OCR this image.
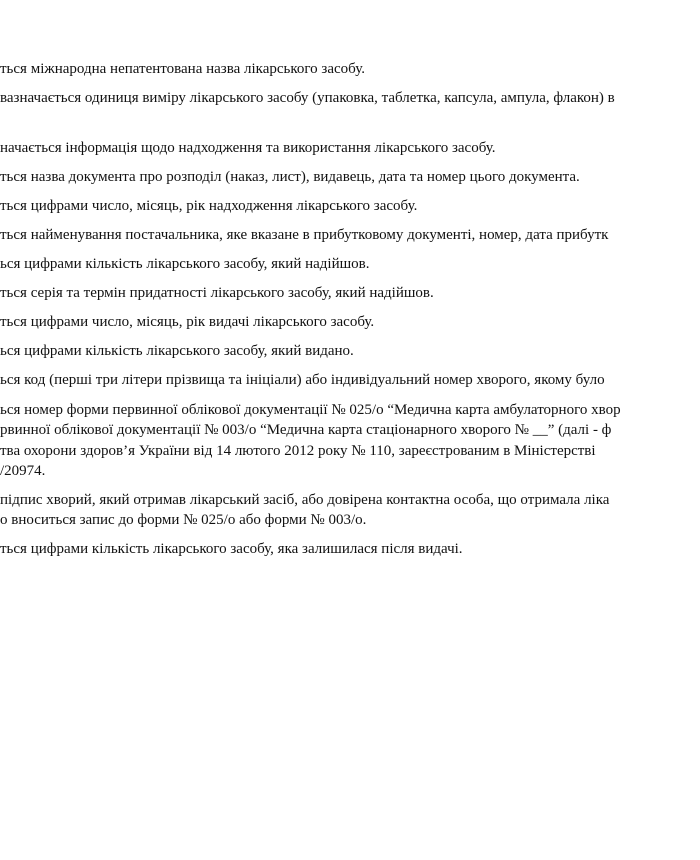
ться міжнародна непатентована назва лікарського засобу.
вазначається одиниця виміру лікарського засобу (упаковка, таблетка, капсула, ампула, флакон) в
начається інформація щодо надходження та використання лікарського засобу.
ться назва документа про розподіл (наказ, лист), видавець, дата та номер цього документа.
ться цифрами число, місяць, рік надходження лікарського засобу.
ться найменування постачальника, яке вказане в прибутковому документі, номер, дата прибутк
ься цифрами кількість лікарського засобу, який надійшов.
ться серія та термін придатності лікарського засобу, який надійшов.
ться цифрами число, місяць, рік видачі лікарського засобу.
ься цифрами кількість лікарського засобу, який видано.
ься код (перші три літери прізвища та ініціали) або індивідуальний номер хворого, якому було
ься номер форми первинної облікової документації № 025/о “Медична карта амбулаторного хвор
рвинної облікової документації № 003/о “Медична карта стаціонарного хворого № __” (далі - ф
тва охорони здоров’я України від 14 лютого 2012 року № 110, зареєстрованим в Міністерстві
/20974.
підпис хворий, який отримав лікарський засіб, або довірена контактна особа, що отримала ліка
о вноситься запис до форми № 025/о або форми № 003/о.
ться цифрами кількість лікарського засобу, яка залишилася після видачі.
